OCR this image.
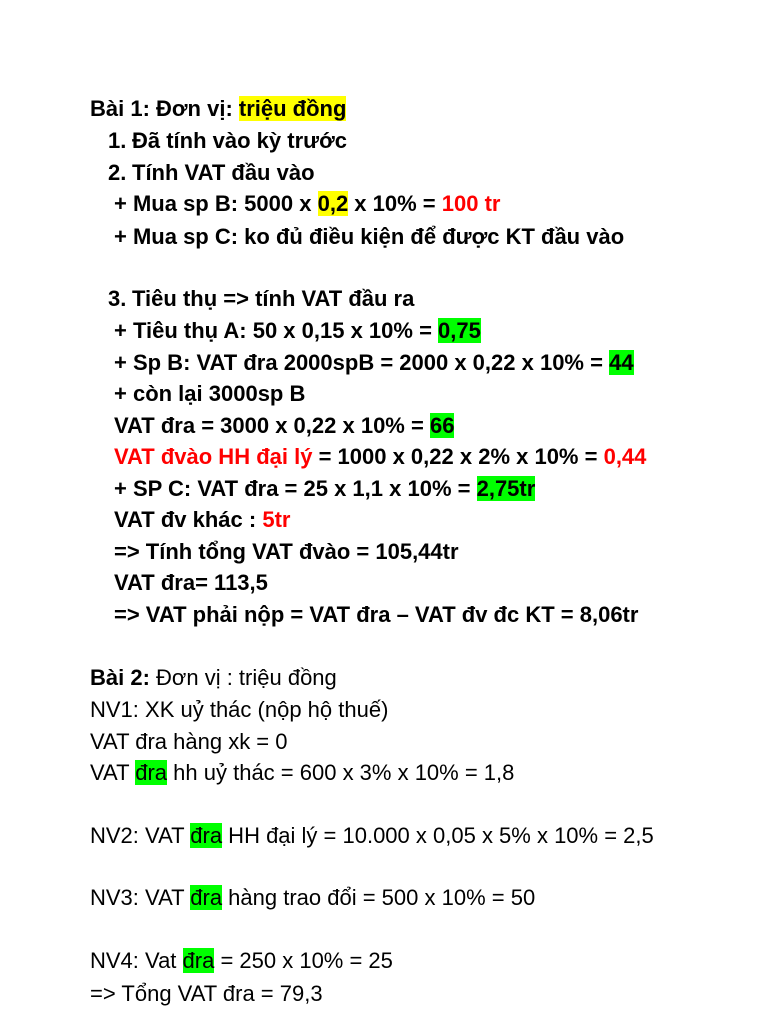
Bài 1: Đơn vị: triệu đồng
1. Đã tính vào kỳ trước
2. Tính VAT đầu vào
+ Mua sp B: 5000 x 0,2 x 10% = 100 tr
+ Mua sp C: ko đủ điều kiện để được KT đầu vào
3. Tiêu thụ => tính VAT đầu ra
+ Tiêu thụ A: 50 x 0,15 x 10% = 0,75
+ Sp B: VAT đra 2000spB = 2000 x 0,22 x 10% = 44
+ còn lại 3000sp B
VAT đra = 3000 x 0,22 x 10% = 66
VAT đvào HH đại lý = 1000 x 0,22 x 2% x 10% = 0,44
+ SP C: VAT đra = 25 x 1,1 x 10% = 2,75tr
VAT đv khác : 5tr
=> Tính tổng VAT đvào = 105,44tr
VAT đra= 113,5
=> VAT phải nộp = VAT đra – VAT đv đc KT = 8,06tr
Bài 2: Đơn vị : triệu đồng
NV1: XK uỷ thác (nộp hộ thuế)
VAT đra hàng xk = 0
VAT đra hh uỷ thác = 600 x 3% x 10% = 1,8
NV2: VAT đra HH đại lý = 10.000 x 0,05 x 5% x 10% = 2,5
NV3: VAT đra hàng trao đổi = 500 x 10% = 50
NV4: Vat đra = 250 x 10% = 25
=> Tổng VAT đra = 79,3
